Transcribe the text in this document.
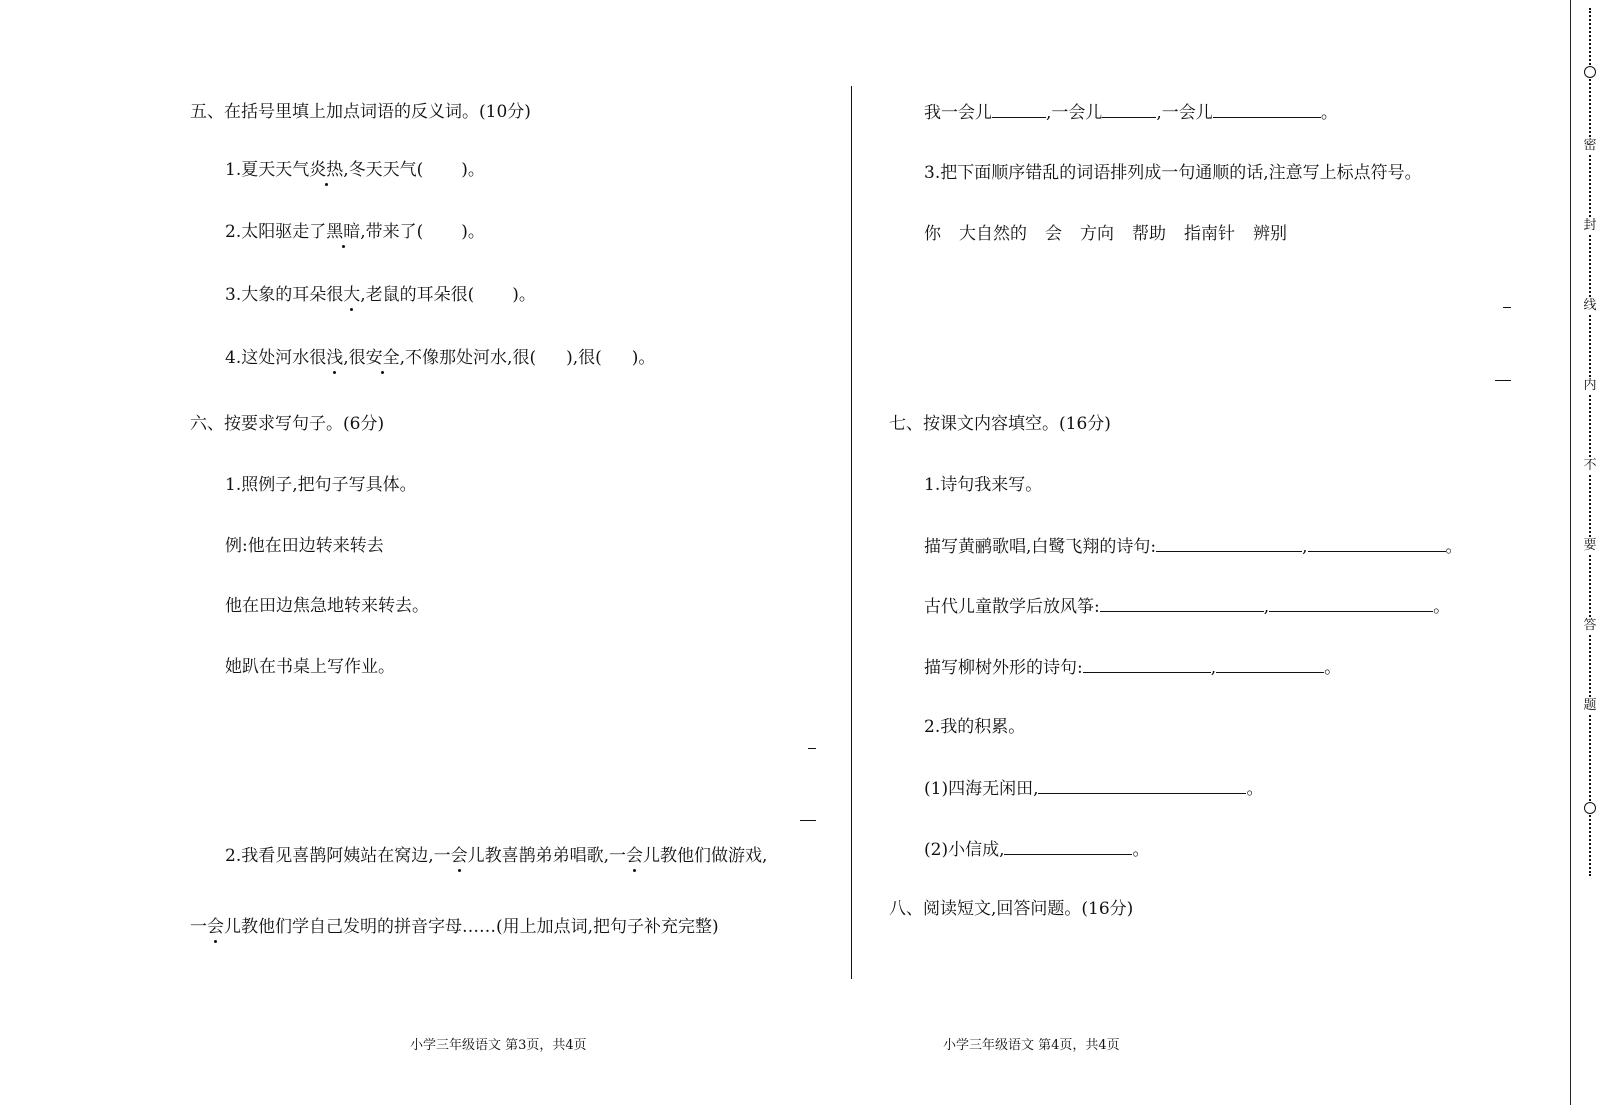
五、在括号里填上加点词语的反义词。(10分)
1.夏天天气炎热,冬天天气( )。
2.太阳驱走了黑暗,带来了( )。
3.大象的耳朵很大,老鼠的耳朵很( )。
4.这处河水很浅,很安全,不像那处河水,很( ),很( )。
六、按要求写句子。(6分)
1.照例子,把句子写具体。
例:他在田边转来转去
他在田边焦急地转来转去。
她趴在书桌上写作业。
2.我看见喜鹊阿姨站在窝边,一会儿教喜鹊弟弟唱歌,一会儿教他们做游戏,
一会儿教他们学自己发明的拼音字母……(用上加点词,把句子补充完整)
小学三年级语文 第3页，共4页
我一会儿	,一会儿	,一会儿	。
3.把下面顺序错乱的词语排列成一句通顺的话,注意写上标点符号。
你 大自然的 会 方向 帮助 指南针 辨别
七、按课文内容填空。(16分)
1.诗句我来写。
描写黄鹂歌唱,白鹭飞翔的诗句:	,	。
古代儿童散学后放风筝:	,	。
描写柳树外形的诗句:	,	。
2.我的积累。
(1)四海无闲田,	。
(2)小信成,	。
八、阅读短文,回答问题。(16分)
小学三年级语文 第4页，共4页
密
封
线
内
不
要
答
题
